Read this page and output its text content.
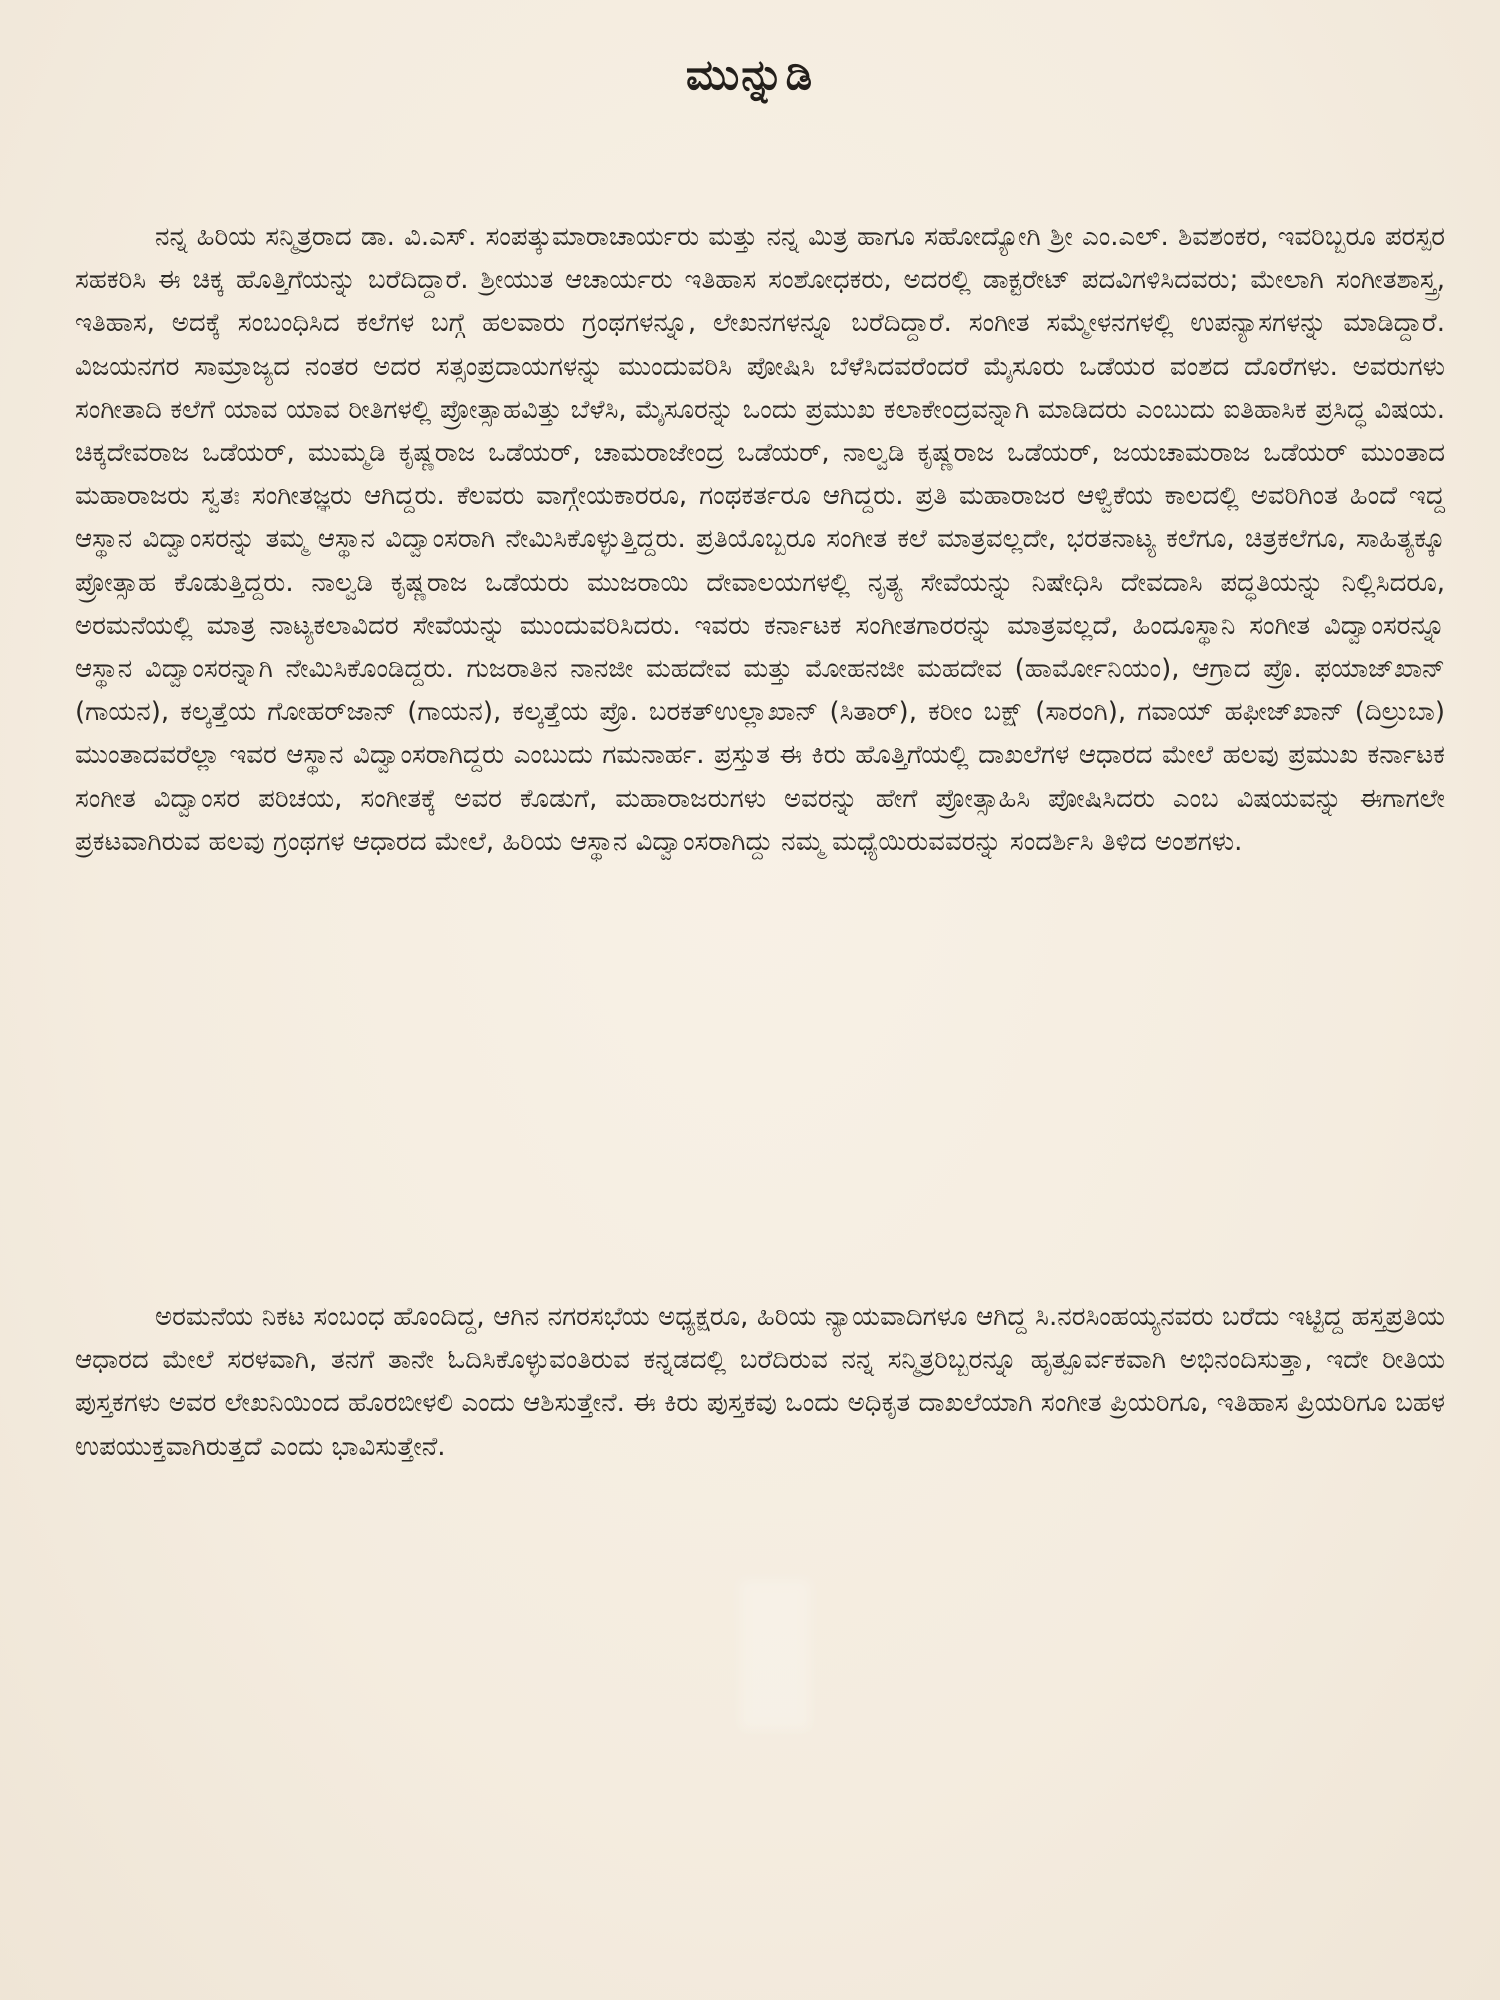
ಮುನ್ನುಡಿ

ನನ್ನ ಹಿರಿಯ ಸನ್ಮಿತ್ರರಾದ ಡಾ. ವಿ.ಎಸ್. ಸಂಪತ್ಕುಮಾರಾಚಾರ್ಯರು ಮತ್ತು ನನ್ನ ಮಿತ್ರ ಹಾಗೂ ಸಹೋದ್ಯೋಗಿ ಶ್ರೀ ಎಂ.ಎಲ್. ಶಿವಶಂಕರ, ಇವರಿಬ್ಬರೂ ಪರಸ್ಪರ ಸಹಕರಿಸಿ ಈ ಚಿಕ್ಕ ಹೊತ್ತಿಗೆಯನ್ನು ಬರೆದಿದ್ದಾರೆ. ಶ್ರೀಯುತ ಆಚಾರ್ಯರು ಇತಿಹಾಸ ಸಂಶೋಧಕರು, ಅದರಲ್ಲಿ ಡಾಕ್ಟರೇಟ್ ಪದವಿಗಳಿಸಿದವರು; ಮೇಲಾಗಿ ಸಂಗೀತಶಾಸ್ತ್ರ, ಇತಿಹಾಸ, ಅದಕ್ಕೆ ಸಂಬಂಧಿಸಿದ ಕಲೆಗಳ ಬಗ್ಗೆ ಹಲವಾರು ಗ್ರಂಥಗಳನ್ನೂ, ಲೇಖನಗಳನ್ನೂ ಬರೆದಿದ್ದಾರೆ. ಸಂಗೀತ ಸಮ್ಮೇಳನಗಳಲ್ಲಿ ಉಪನ್ಯಾಸಗಳನ್ನು ಮಾಡಿದ್ದಾರೆ. ವಿಜಯನಗರ ಸಾಮ್ರಾಜ್ಯದ ನಂತರ ಅದರ ಸತ್ಸಂಪ್ರದಾಯಗಳನ್ನು ಮುಂದುವರಿಸಿ ಪೋಷಿಸಿ ಬೆಳೆಸಿದವರೆಂದರೆ ಮೈಸೂರು ಒಡೆಯರ ವಂಶದ ದೊರೆಗಳು. ಅವರುಗಳು ಸಂಗೀತಾದಿ ಕಲೆಗೆ ಯಾವ ಯಾವ ರೀತಿಗಳಲ್ಲಿ ಪ್ರೋತ್ಸಾಹವಿತ್ತು ಬೆಳೆಸಿ, ಮೈಸೂರನ್ನು ಒಂದು ಪ್ರಮುಖ ಕಲಾಕೇಂದ್ರವನ್ನಾಗಿ ಮಾಡಿದರು ಎಂಬುದು ಐತಿಹಾಸಿಕ ಪ್ರಸಿದ್ಧ ವಿಷಯ. ಚಿಕ್ಕದೇವರಾಜ ಒಡೆಯರ್, ಮುಮ್ಮಡಿ ಕೃಷ್ಣರಾಜ ಒಡೆಯರ್, ಚಾಮರಾಜೇಂದ್ರ ಒಡೆಯರ್, ನಾಲ್ವಡಿ ಕೃಷ್ಣರಾಜ ಒಡೆಯರ್, ಜಯಚಾಮರಾಜ ಒಡೆಯರ್ ಮುಂತಾದ ಮಹಾರಾಜರು ಸ್ವತಃ ಸಂಗೀತಜ್ಞರು ಆಗಿದ್ದರು. ಕೆಲವರು ವಾಗ್ಗೇಯಕಾರರೂ, ಗಂಥಕರ್ತರೂ ಆಗಿದ್ದರು. ಪ್ರತಿ ಮಹಾರಾಜರ ಆಳ್ವಿಕೆಯ ಕಾಲದಲ್ಲಿ ಅವರಿಗಿಂತ ಹಿಂದೆ ಇದ್ದ ಆಸ್ಥಾನ ವಿದ್ವಾಂಸರನ್ನು ತಮ್ಮ ಆಸ್ಥಾನ ವಿದ್ವಾಂಸರಾಗಿ ನೇಮಿಸಿಕೊಳ್ಳುತ್ತಿದ್ದರು. ಪ್ರತಿಯೊಬ್ಬರೂ ಸಂಗೀತ ಕಲೆ ಮಾತ್ರವಲ್ಲದೇ, ಭರತನಾಟ್ಯ ಕಲೆಗೂ, ಚಿತ್ರಕಲೆಗೂ, ಸಾಹಿತ್ಯಕ್ಕೂ ಪ್ರೋತ್ಸಾಹ ಕೊಡುತ್ತಿದ್ದರು. ನಾಲ್ವಡಿ ಕೃಷ್ಣರಾಜ ಒಡೆಯರು ಮುಜರಾಯಿ ದೇವಾಲಯಗಳಲ್ಲಿ ನೃತ್ಯ ಸೇವೆಯನ್ನು ನಿಷೇಧಿಸಿ ದೇವದಾಸಿ ಪದ್ಧತಿಯನ್ನು ನಿಲ್ಲಿಸಿದರೂ, ಅರಮನೆಯಲ್ಲಿ ಮಾತ್ರ ನಾಟ್ಯಕಲಾವಿದರ ಸೇವೆಯನ್ನು ಮುಂದುವರಿಸಿದರು. ಇವರು ಕರ್ನಾಟಕ ಸಂಗೀತಗಾರರನ್ನು ಮಾತ್ರವಲ್ಲದೆ, ಹಿಂದೂಸ್ಥಾನಿ ಸಂಗೀತ ವಿದ್ವಾಂಸರನ್ನೂ ಆಸ್ಥಾನ ವಿದ್ವಾಂಸರನ್ನಾಗಿ ನೇಮಿಸಿಕೊಂಡಿದ್ದರು. ಗುಜರಾತಿನ ನಾನಜೀ ಮಹದೇವ ಮತ್ತು ಮೋಹನಜೀ ಮಹದೇವ (ಹಾರ್ಮೋನಿಯಂ), ಆಗ್ರಾದ ಪ್ರೊ. ಫಯಾಜ್‌ಖಾನ್ (ಗಾಯನ), ಕಲ್ಕತ್ತೆಯ ಗೋಹರ್‌ಜಾನ್ (ಗಾಯನ), ಕಲ್ಕತ್ತೆಯ ಪ್ರೊ. ಬರಕತ್‌ಉಲ್ಲಾಖಾನ್ (ಸಿತಾರ್), ಕರೀಂ ಬಕ್ಷ್ (ಸಾರಂಗಿ), ಗವಾಯ್ ಹಫೀಜ್‌ಖಾನ್ (ದಿಲ್ರುಬಾ) ಮುಂತಾದವರೆಲ್ಲಾ ಇವರ ಆಸ್ಥಾನ ವಿದ್ವಾಂಸರಾಗಿದ್ದರು ಎಂಬುದು ಗಮನಾರ್ಹ. ಪ್ರಸ್ತುತ ಈ ಕಿರು ಹೊತ್ತಿಗೆಯಲ್ಲಿ ದಾಖಲೆಗಳ ಆಧಾರದ ಮೇಲೆ ಹಲವು ಪ್ರಮುಖ ಕರ್ನಾಟಕ ಸಂಗೀತ ವಿದ್ವಾಂಸರ ಪರಿಚಯ, ಸಂಗೀತಕ್ಕೆ ಅವರ ಕೊಡುಗೆ, ಮಹಾರಾಜರುಗಳು ಅವರನ್ನು ಹೇಗೆ ಪ್ರೋತ್ಸಾಹಿಸಿ ಪೋಷಿಸಿದರು ಎಂಬ ವಿಷಯವನ್ನು ಈಗಾಗಲೇ ಪ್ರಕಟವಾಗಿರುವ ಹಲವು ಗ್ರಂಥಗಳ ಆಧಾರದ ಮೇಲೆ, ಹಿರಿಯ ಆಸ್ಥಾನ ವಿದ್ವಾಂಸರಾಗಿದ್ದು ನಮ್ಮ ಮಧ್ಯೆಯಿರುವವರನ್ನು ಸಂದರ್ಶಿಸಿ ತಿಳಿದ ಅಂಶಗಳು.

ಅರಮನೆಯ ನಿಕಟ ಸಂಬಂಧ ಹೊಂದಿದ್ದ, ಆಗಿನ ನಗರಸಭೆಯ ಅಧ್ಯಕ್ಷರೂ, ಹಿರಿಯ ನ್ಯಾಯವಾದಿಗಳೂ ಆಗಿದ್ದ ಸಿ.ನರಸಿಂಹಯ್ಯನವರು ಬರೆದು ಇಟ್ಟಿದ್ದ ಹಸ್ತಪ್ರತಿಯ ಆಧಾರದ ಮೇಲೆ ಸರಳವಾಗಿ, ತನಗೆ ತಾನೇ ಓದಿಸಿಕೊಳ್ಳುವಂತಿರುವ ಕನ್ನಡದಲ್ಲಿ ಬರೆದಿರುವ ನನ್ನ ಸನ್ಮಿತ್ರರಿಬ್ಬರನ್ನೂ ಹೃತ್ಪೂರ್ವಕವಾಗಿ ಅಭಿನಂದಿಸುತ್ತಾ, ಇದೇ ರೀತಿಯ ಪುಸ್ತಕಗಳು ಅವರ ಲೇಖನಿಯಿಂದ ಹೊರಬೀಳಲಿ ಎಂದು ಆಶಿಸುತ್ತೇನೆ. ಈ ಕಿರು ಪುಸ್ತಕವು ಒಂದು ಅಧಿಕೃತ ದಾಖಲೆಯಾಗಿ ಸಂಗೀತ ಪ್ರಿಯರಿಗೂ, ಇತಿಹಾಸ ಪ್ರಿಯರಿಗೂ ಬಹಳ ಉಪಯುಕ್ತವಾಗಿರುತ್ತದೆ ಎಂದು ಭಾವಿಸುತ್ತೇನೆ.
